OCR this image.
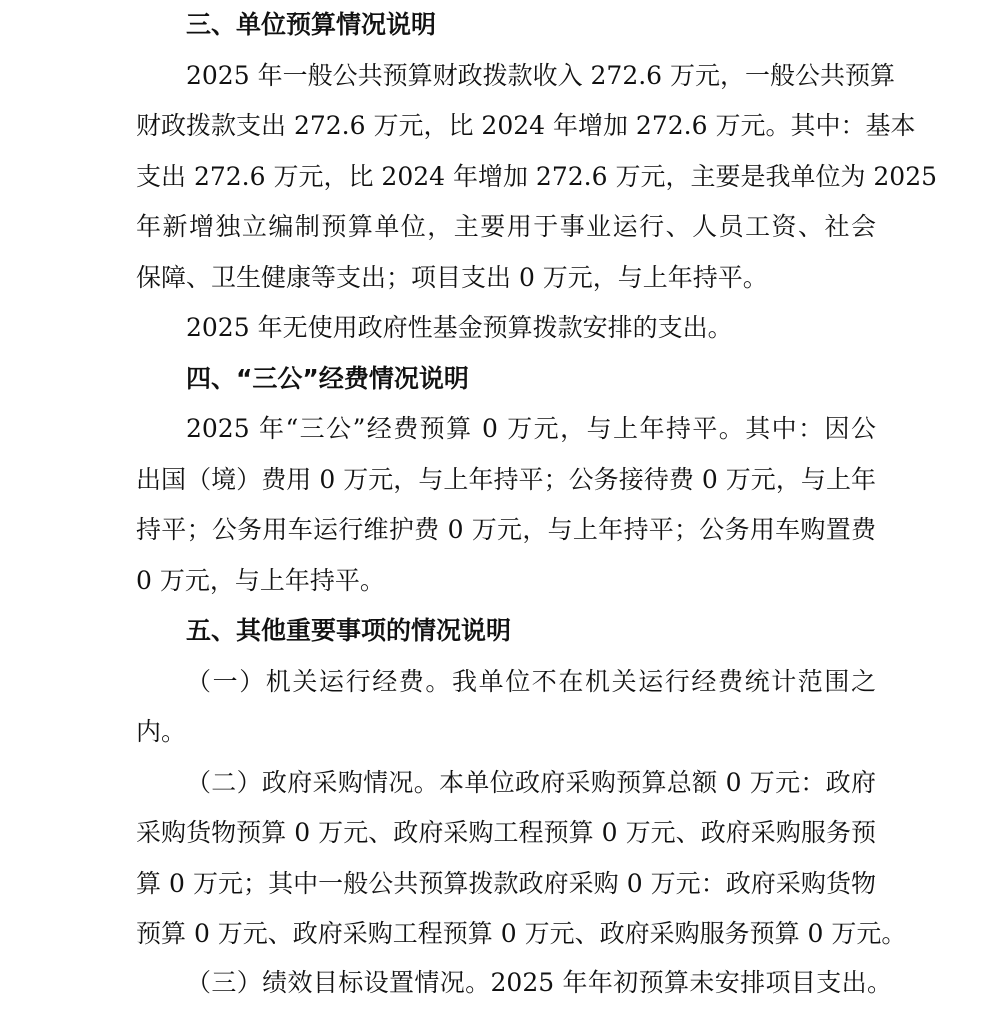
三、单位预算情况说明
2025 年一般公共预算财政拨款收入 272.6 万元，一般公共预算
财政拨款支出 272.6 万元，比 2024 年增加 272.6 万元。其中：基本
支出 272.6 万元，比 2024 年增加 272.6 万元，主要是我单位为 2025
年新增独立编制预算单位，主要用于事业运行、人员工资、社会
保障、卫生健康等支出；项目支出 0 万元，与上年持平。
2025 年无使用政府性基金预算拨款安排的支出。
四、“三公”经费情况说明
2025 年“三公”经费预算 0 万元，与上年持平。其中：因公
出国（境）费用 0 万元，与上年持平；公务接待费 0 万元，与上年
持平；公务用车运行维护费 0 万元，与上年持平；公务用车购置费
0 万元，与上年持平。
五、其他重要事项的情况说明
（一）机关运行经费。我单位不在机关运行经费统计范围之
内。
（二）政府采购情况。本单位政府采购预算总额 0 万元：政府
采购货物预算 0 万元、政府采购工程预算 0 万元、政府采购服务预
算 0 万元；其中一般公共预算拨款政府采购 0 万元：政府采购货物
预算 0 万元、政府采购工程预算 0 万元、政府采购服务预算 0 万元。
（三）绩效目标设置情况。2025 年年初预算未安排项目支出。
